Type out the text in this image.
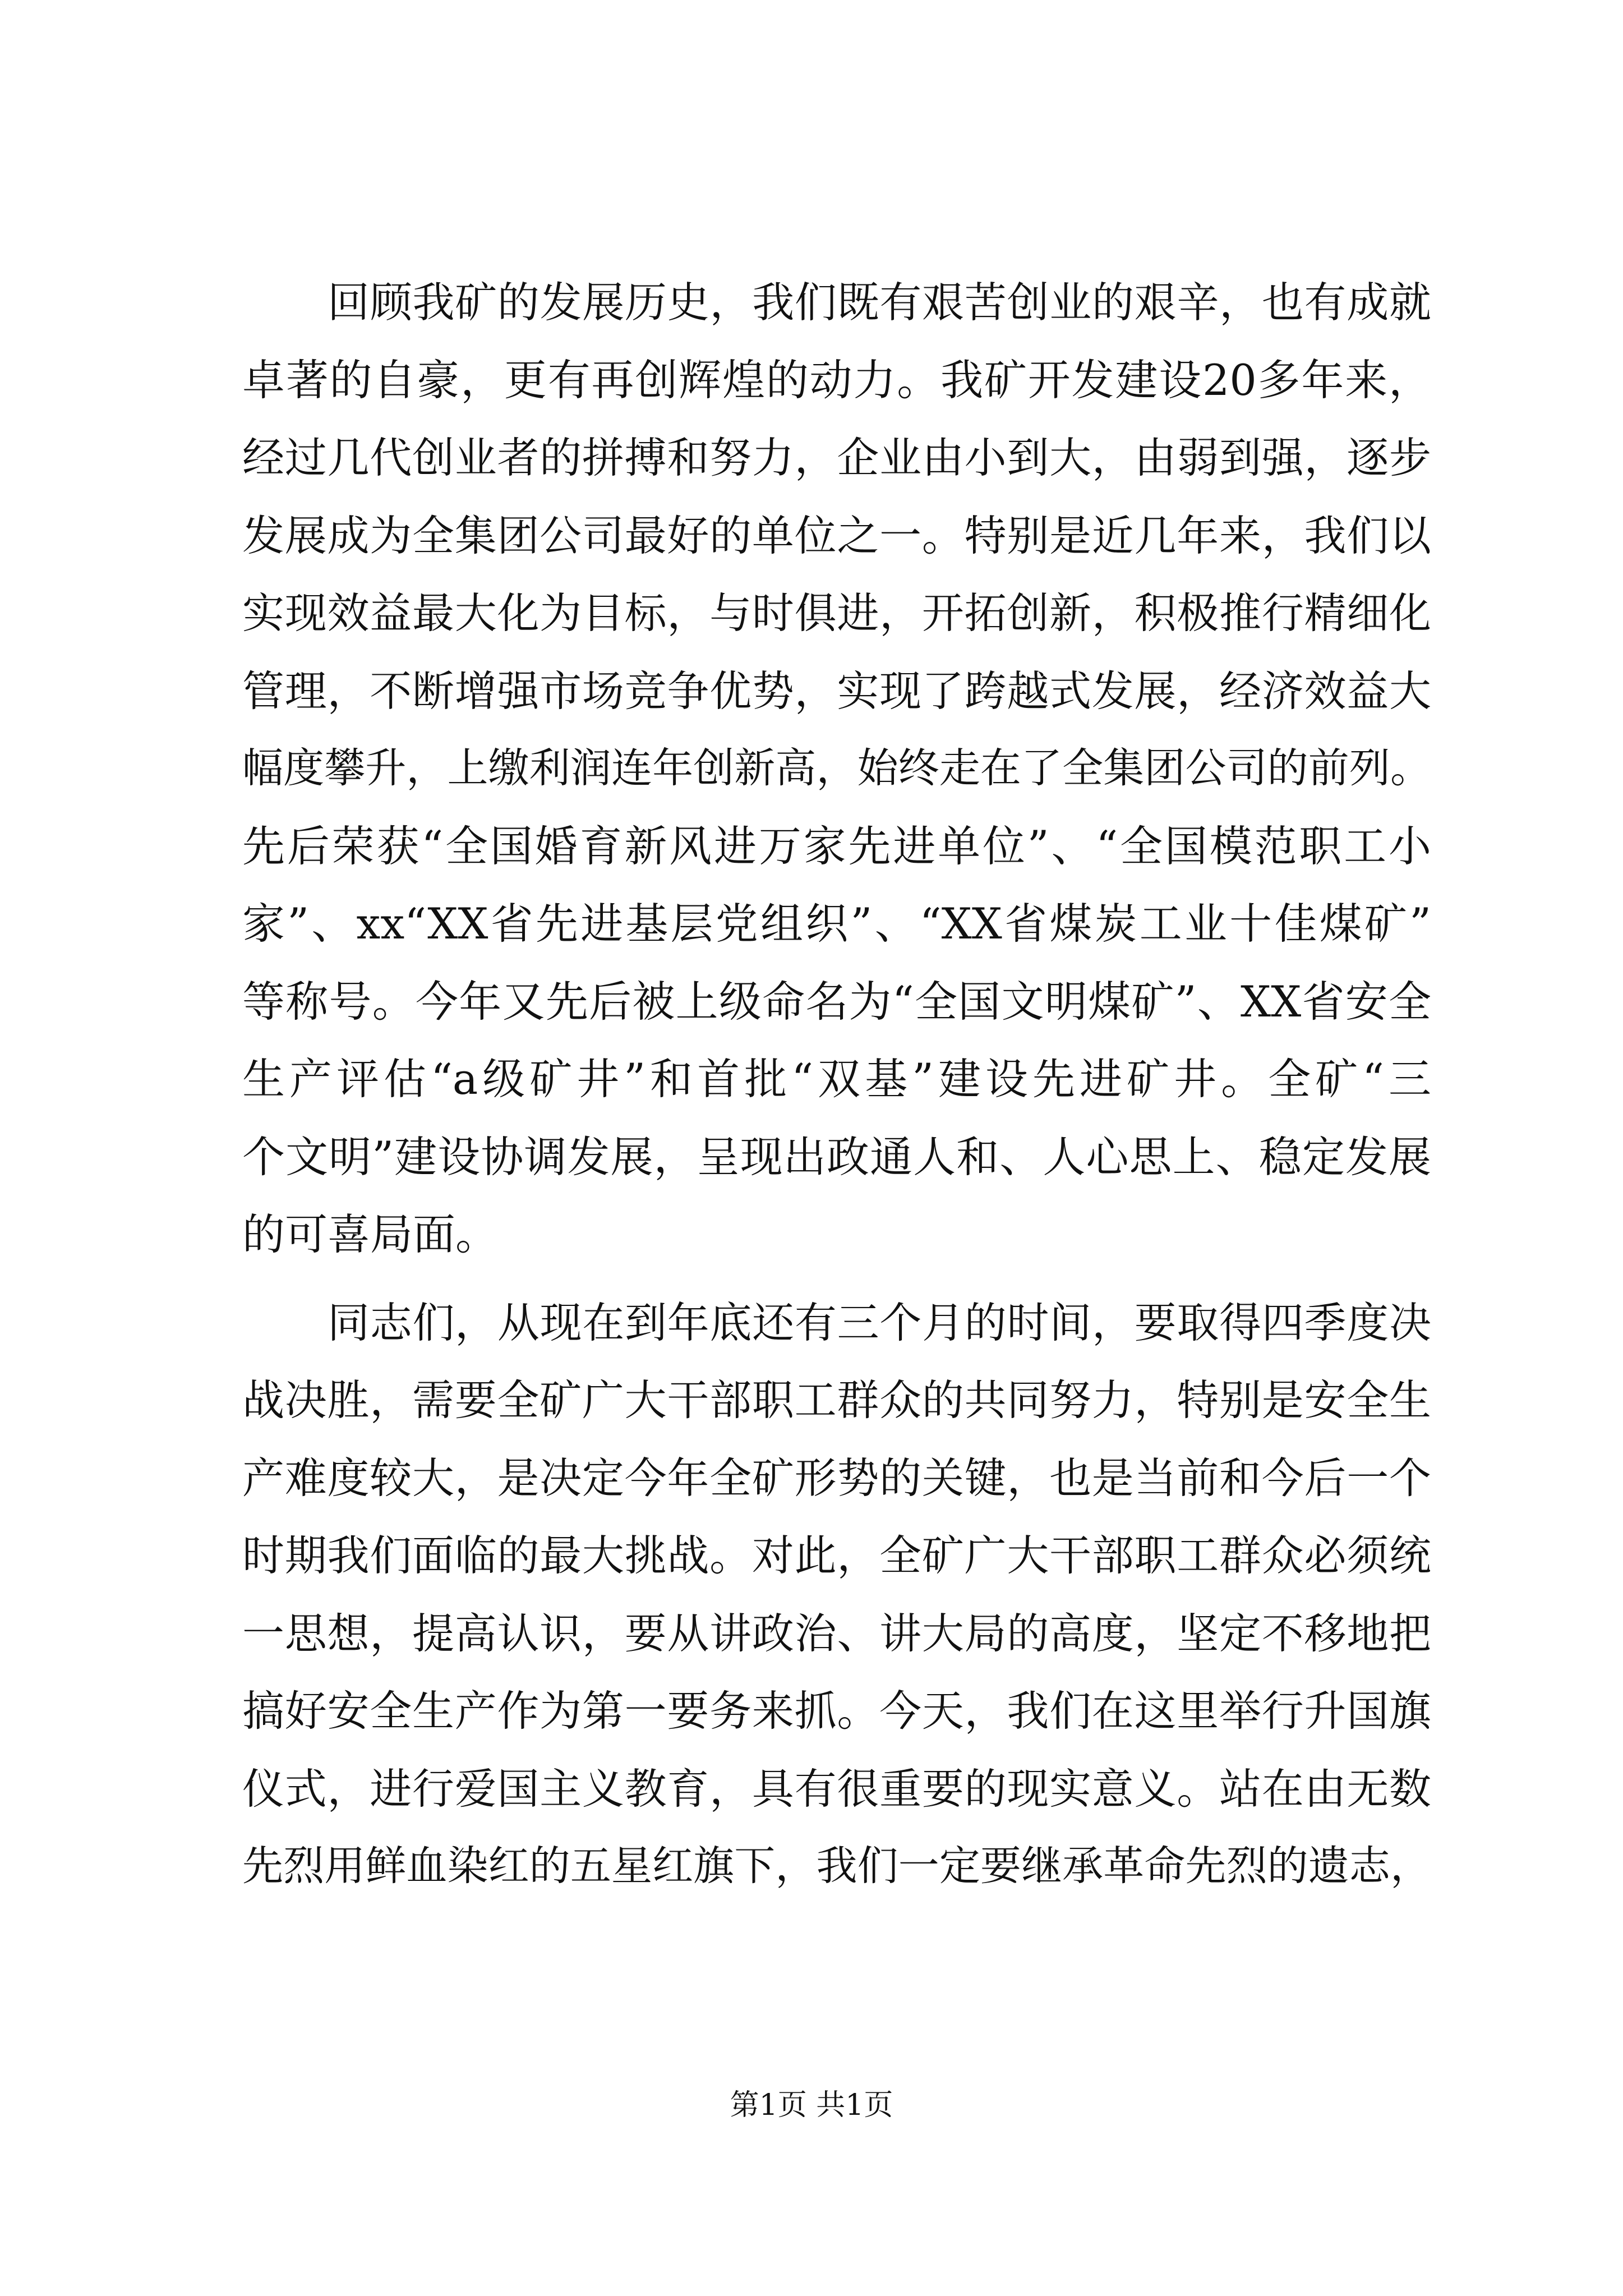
回顾我矿的发展历史，我们既有艰苦创业的艰辛，也有成就
卓著的自豪，更有再创辉煌的动力。我矿开发建设20多年来，
经过几代创业者的拼搏和努力，企业由小到大，由弱到强，逐步
发展成为全集团公司最好的单位之一。特别是近几年来，我们以
实现效益最大化为目标，与时俱进，开拓创新，积极推行精细化
管理，不断增强市场竞争优势，实现了跨越式发展，经济效益大
幅度攀升，上缴利润连年创新高，始终走在了全集团公司的前列。
先后荣获“全国婚育新风进万家先进单位”、“全国模范职工小
家”、xx“XX省先进基层党组织”、“XX省煤炭工业十佳煤矿”
等称号。今年又先后被上级命名为“全国文明煤矿”、XX省安全
生产评估“a级矿井”和首批“双基”建设先进矿井。全矿“三
个文明”建设协调发展，呈现出政通人和、人心思上、稳定发展
的可喜局面。
同志们，从现在到年底还有三个月的时间，要取得四季度决
战决胜，需要全矿广大干部职工群众的共同努力，特别是安全生
产难度较大，是决定今年全矿形势的关键，也是当前和今后一个
时期我们面临的最大挑战。对此，全矿广大干部职工群众必须统
一思想，提高认识，要从讲政治、讲大局的高度，坚定不移地把
搞好安全生产作为第一要务来抓。今天，我们在这里举行升国旗
仪式，进行爱国主义教育，具有很重要的现实意义。站在由无数
先烈用鲜血染红的五星红旗下，我们一定要继承革命先烈的遗志，
第1页 共1页
